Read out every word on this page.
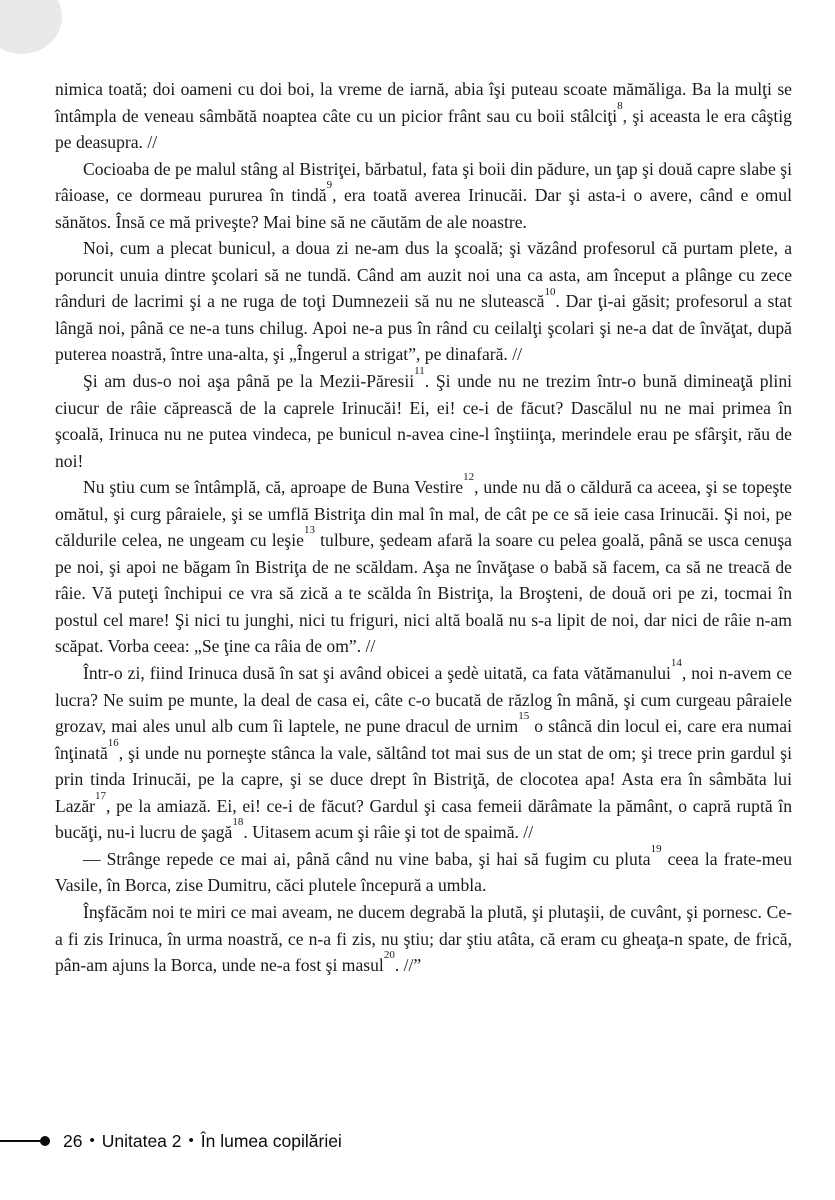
nimica toată; doi oameni cu doi boi, la vreme de iarnă, abia îşi puteau scoate mămăliga. Ba la mulţi se întâmpla de veneau sâmbătă noaptea câte cu un picior frânt sau cu boii stâlciţi$^8$, şi aceasta le era câştig pe deasupra. //

Cocioaba de pe malul stâng al Bistriţei, bărbatul, fata şi boii din pădure, un ţap şi două capre slabe şi râioase, ce dormeau pururea în tindă$^9$, era toată averea Irinucăi. Dar şi asta-i o avere, când e omul sănătos. Însă ce mă priveşte? Mai bine să ne căutăm de ale noastre.

Noi, cum a plecat bunicul, a doua zi ne-am dus la şcoală; şi văzând profesorul că purtam plete, a poruncit unuia dintre şcolari să ne tundă. Când am auzit noi una ca asta, am început a plânge cu zece rânduri de lacrimi şi a ne ruga de toţi Dumnezeii să nu ne slutească$^{10}$. Dar ţi-ai găsit; profesorul a stat lângă noi, până ce ne-a tuns chilug. Apoi ne-a pus în rând cu ceilalţi şcolari şi ne-a dat de învăţat, după puterea noastră, între una-alta, şi „Îngerul a strigat”, pe dinafară. //

Şi am dus-o noi aşa până pe la Mezii-Păresii$^{11}$. Şi unde nu ne trezim într-o bună dimineaţă plini ciucur de râie căprească de la caprele Irinucăi! Ei, ei! ce-i de făcut? Dascălul nu ne mai primea în şcoală, Irinuca nu ne putea vindeca, pe bunicul n-avea cine-l înştiinţa, merindele erau pe sfârşit, rău de noi!

Nu ştiu cum se întâmplă, că, aproape de Buna Vestire$^{12}$, unde nu dă o căldură ca aceea, şi se topeşte omătul, şi curg pâraiele, şi se umflă Bistriţa din mal în mal, de cât pe ce să ieie casa Irinucăi. Şi noi, pe căldurile celea, ne ungeam cu leşie$^{13}$ tulbure, şedeam afară la soare cu pelea goală, până se usca cenuşa pe noi, şi apoi ne băgam în Bistriţa de ne scăldam. Aşa ne învăţase o babă să facem, ca să ne treacă de râie. Vă puteţi închipui ce vra să zică a te scălda în Bistriţa, la Broşteni, de două ori pe zi, tocmai în postul cel mare! Şi nici tu junghi, nici tu friguri, nici altă boală nu s-a lipit de noi, dar nici de râie n-am scăpat. Vorba ceea: „Se ţine ca râia de om”. //

Într-o zi, fiind Irinuca dusă în sat şi având obicei a şedè uitată, ca fata vătămanului$^{14}$, noi n-avem ce lucra? Ne suim pe munte, la deal de casa ei, câte c-o bucată de răzlog în mână, şi cum curgeau pâraiele grozav, mai ales unul alb cum îi laptele, ne pune dracul de urnim$^{15}$ o stâncă din locul ei, care era numai înţinată$^{16}$, şi unde nu porneşte stânca la vale, săltând tot mai sus de un stat de om; şi trece prin gardul şi prin tinda Irinucăi, pe la capre, şi se duce drept în Bistriţă, de clocotea apa! Asta era în sâmbăta lui Lazăr$^{17}$, pe la amiază. Ei, ei! ce-i de făcut? Gardul şi casa femeii dărâmate la pământ, o capră ruptă în bucăţi, nu-i lucru de şagă$^{18}$. Uitasem acum şi râie şi tot de spaimă. //

— Strânge repede ce mai ai, până când nu vine baba, şi hai să fugim cu pluta$^{19}$ ceea la frate-meu Vasile, în Borca, zise Dumitru, căci plutele începură a umbla.

Înşfăcăm noi te miri ce mai aveam, ne ducem degrabă la plută, şi plutaşii, de cuvânt, şi pornesc. Ce-a fi zis Irinuca, în urma noastră, ce n-a fi zis, nu ştiu; dar ştiu atâta, că eram cu gheaţa-n spate, de frică, pân-am ajuns la Borca, unde ne-a fost şi masul$^{20}$. //”

26 • Unitatea 2 • În lumea copilăriei
